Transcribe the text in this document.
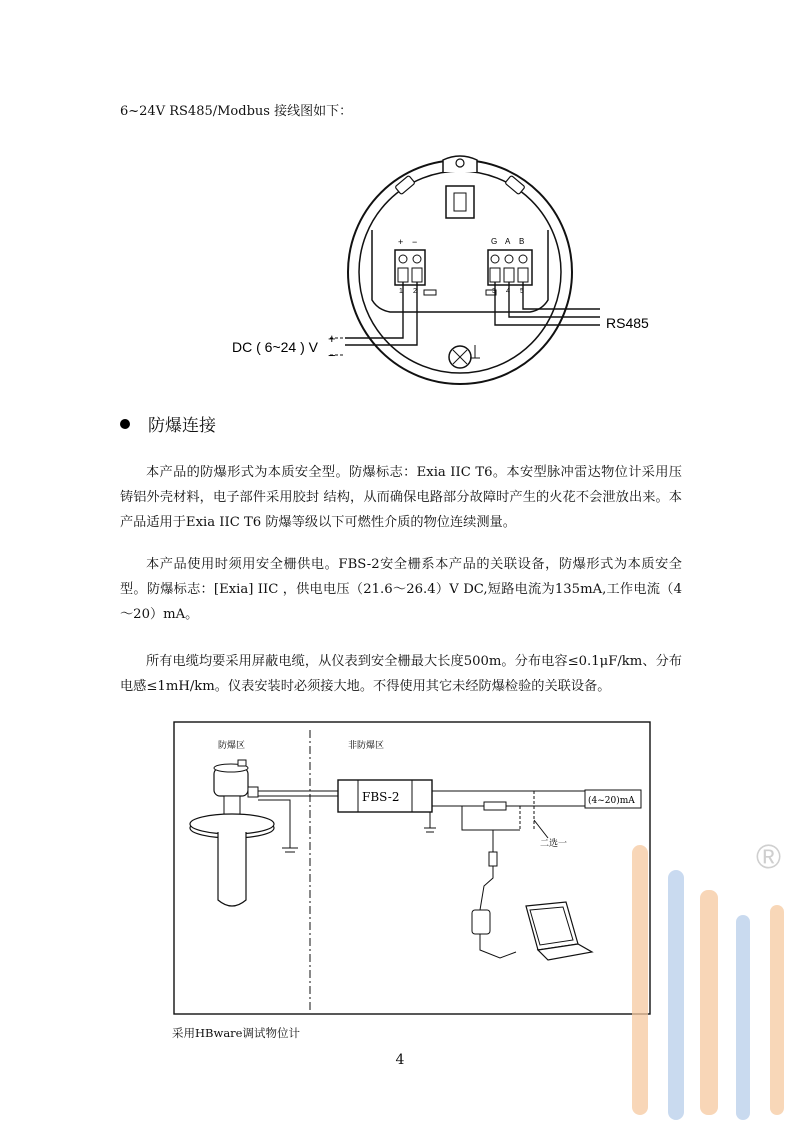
6~24V RS485/Modbus 接线图如下：
+ −
1 2
G A B
3 4 5
RS485
DC ( 6~24 ) V
+
−
防爆连接

本产品的防爆形式为本质安全型。防爆标志：Exia IIC T6。本安型脉冲雷达物位计采用压铸铝外壳材料，电子部件采用胶封 结构，从而确保电路部分故障时产生的火花不会泄放出来。本产品适用于Exia IIC T6 防爆等级以下可燃性介质的物位连续测量。

本产品使用时须用安全栅供电。FBS-2安全栅系本产品的关联设备，防爆形式为本质安全型。防爆标志：[Exia] IIC ，供电电压（21.6～26.4）V DC,短路电流为135mA,工作电流（4～20）mA。

所有电缆均要采用屏蔽电缆，从仪表到安全栅最大长度500m。分布电容≤0.1μF/km、分布电感≤1mH/km。仪表安装时必须接大地。不得使用其它未经防爆检验的关联设备。

防爆区	非防爆区
FBS-2	(4~20)mA
二选一
采用HBware调试物位计
4
®
